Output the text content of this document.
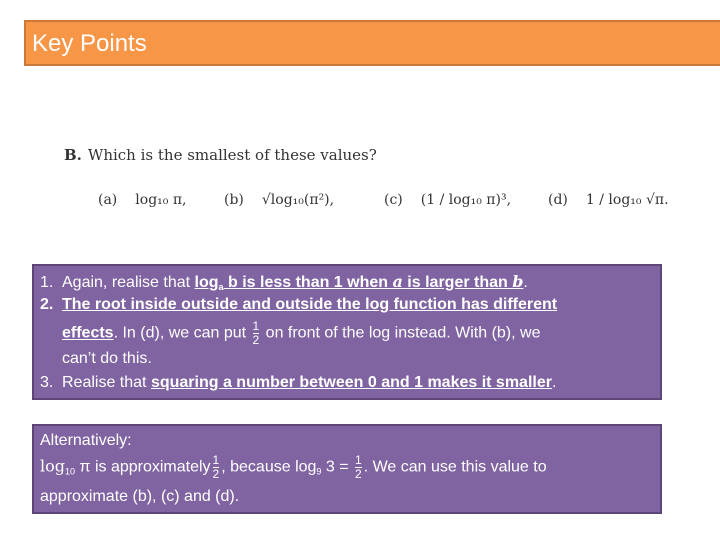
Key Points
B. Which is the smallest of these values?
(a) log₁₀ π,	(b) √log₁₀(π²),	(c) (1 / log₁₀ π)³,	(d) 1 / log₁₀ √π.
1. Again, realise that $\log_a b$ is less than 1 when a is larger than b.
2. The root inside outside and outside the log function has different
effects. In (d), we can put $\frac{1}{2}$ on front of the log instead. With (b), we
can’t do this.
3. Realise that squaring a number between 0 and 1 makes it smaller.
Alternatively:
$\log_{10} \pi$ is approximately $\frac{1}{2}$ , because $\log_9 3 = \frac{1}{2}$ . We can use this value to
approximate (b), (c) and (d).
